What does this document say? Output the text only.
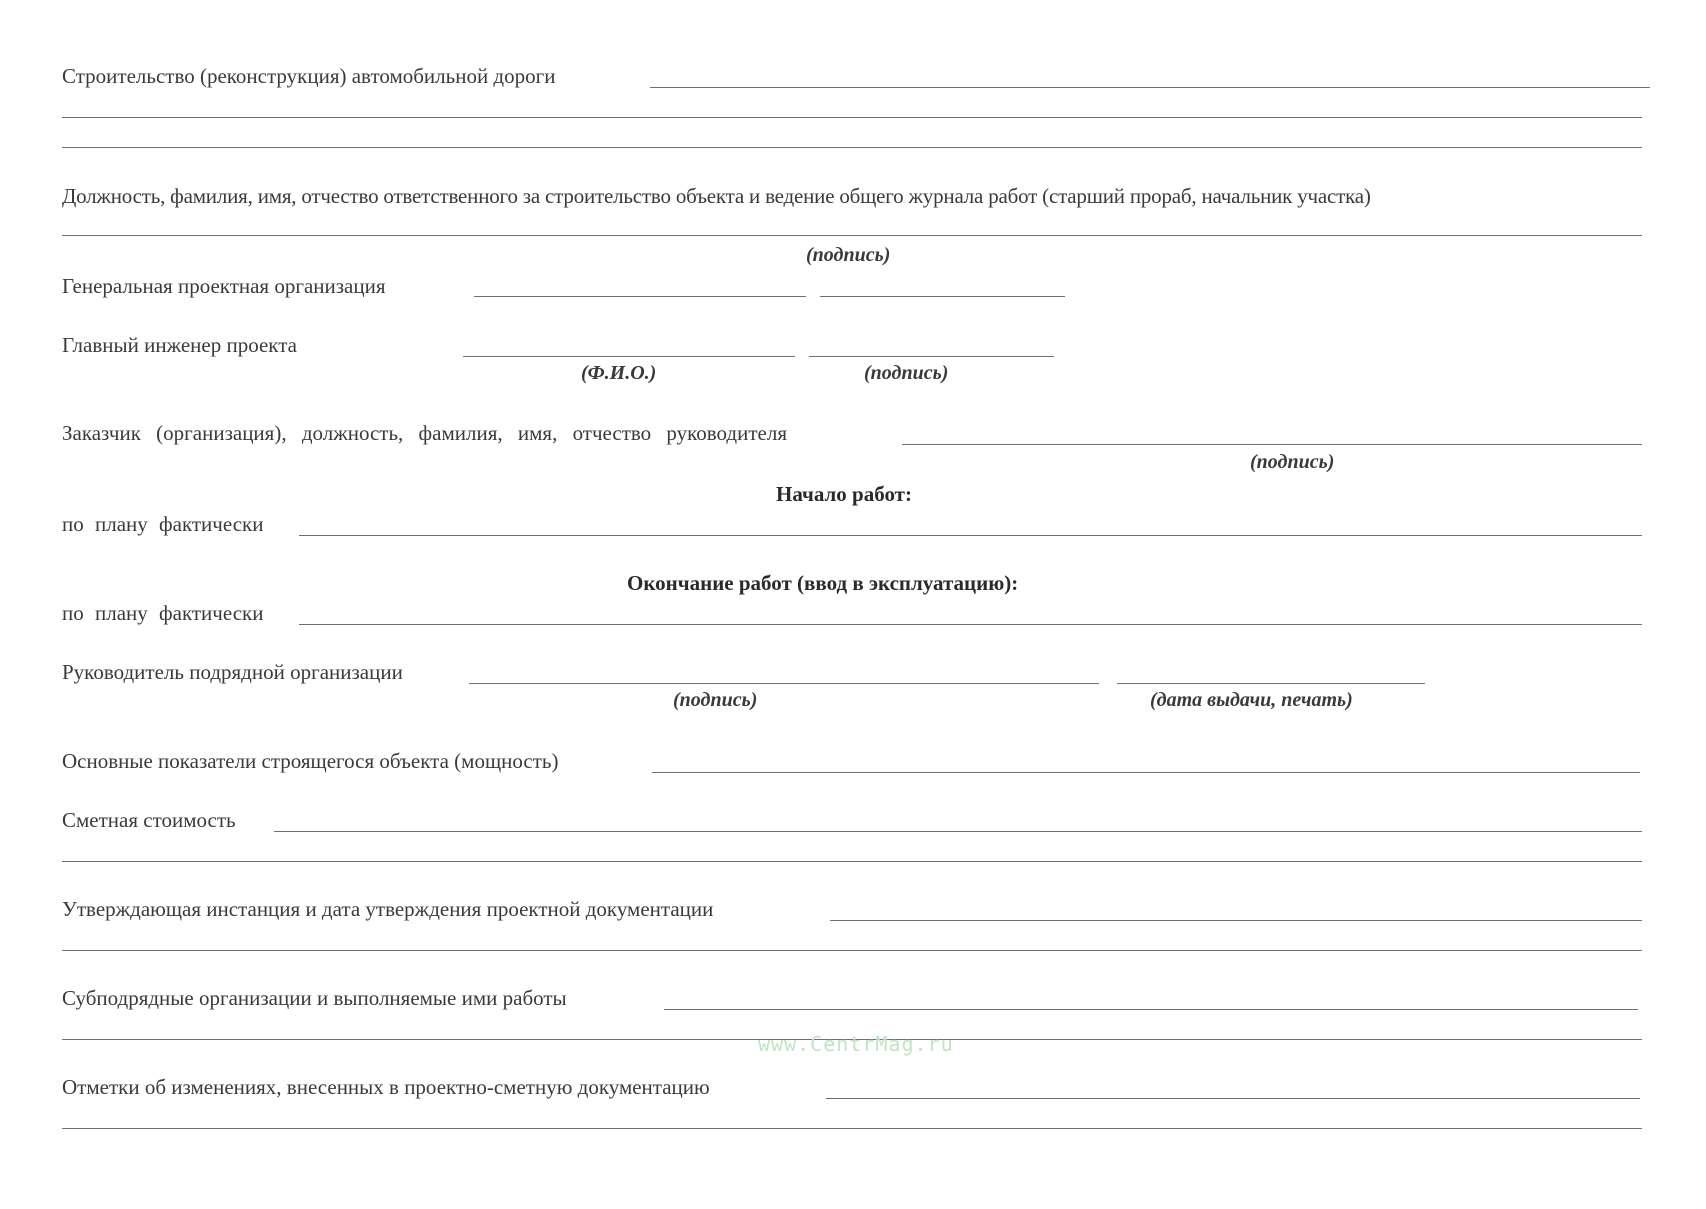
Строительство (реконструкция) автомобильной дороги
Должность, фамилия, имя, отчество ответственного за строительство объекта и ведение общего журнала работ (старший прораб, начальник участка)
(подпись)
Генеральная проектная организация
Главный инженер проекта
(Ф.И.О.)	(подпись)
Заказчик (организация), должность, фамилия, имя, отчество руководителя
(подпись)
Начало работ:
по плану фактически
Окончание работ (ввод в эксплуатацию):
по плану фактически
Руководитель подрядной организации
(подпись)	(дата выдачи, печать)
Основные показатели строящегося объекта (мощность)
Сметная стоимость
Утверждающая инстанция и дата утверждения проектной документации
Субподрядные организации и выполняемые ими работы
www.CentrMag.ru
Отметки об изменениях, внесенных в проектно-сметную документацию
